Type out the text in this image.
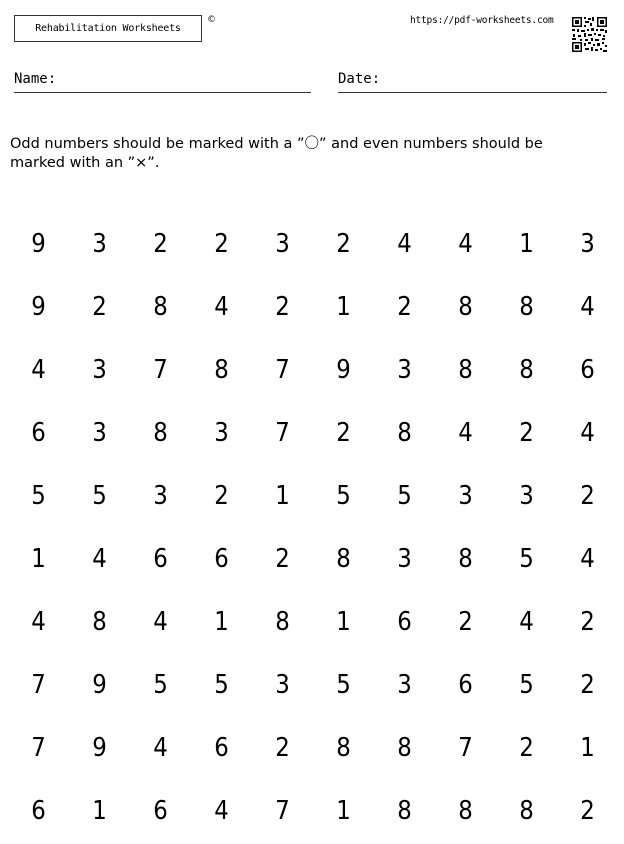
Rehabilitation Worksheets
©	https://pdf-worksheets.com
Name:	Date:
Odd numbers should be marked with a ”〇” and even numbers should be marked with an ”×”.
9	3	2	2	3	2	4	4	1	3
9	2	8	4	2	1	2	8	8	4
4	3	7	8	7	9	3	8	8	6
6	3	8	3	7	2	8	4	2	4
5	5	3	2	1	5	5	3	3	2
1	4	6	6	2	8	3	8	5	4
4	8	4	1	8	1	6	2	4	2
7	9	5	5	3	5	3	6	5	2
7	9	4	6	2	8	8	7	2	1
6	1	6	4	7	1	8	8	8	2
